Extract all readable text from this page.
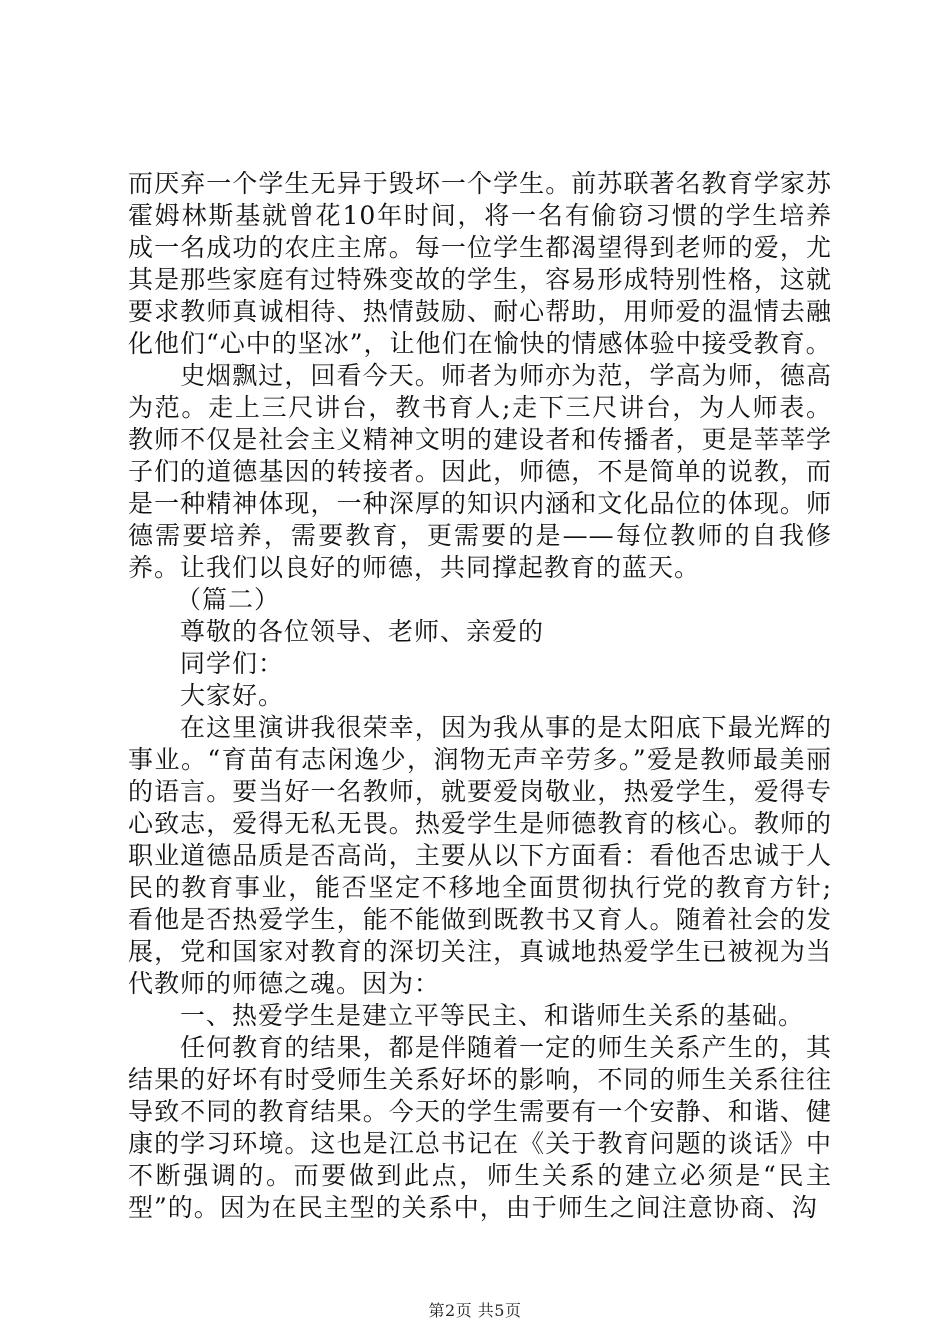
而厌弃一个学生无异于毁坏一个学生。前苏联著名教育学家苏霍姆林斯基就曾花10年时间，将一名有偷窃习惯的学生培养成一名成功的农庄主席。每一位学生都渴望得到老师的爱，尤其是那些家庭有过特殊变故的学生，容易形成特别性格，这就要求教师真诚相待、热情鼓励、耐心帮助，用师爱的温情去融化他们“心中的坚冰”，让他们在愉快的情感体验中接受教育。

史烟飘过，回看今天。师者为师亦为范，学高为师，德高为范。走上三尺讲台，教书育人;走下三尺讲台，为人师表。教师不仅是社会主义精神文明的建设者和传播者，更是莘莘学子们的道德基因的转接者。因此，师德，不是简单的说教，而是一种精神体现，一种深厚的知识内涵和文化品位的体现。师德需要培养，需要教育，更需要的是——每位教师的自我修养。让我们以良好的师德，共同撑起教育的蓝天。

（篇二）

尊敬的各位领导、老师、亲爱的

同学们：

大家好。

在这里演讲我很荣幸，因为我从事的是太阳底下最光辉的事业。“育苗有志闲逸少，润物无声辛劳多。”爱是教师最美丽的语言。要当好一名教师，就要爱岗敬业，热爱学生，爱得专心致志，爱得无私无畏。热爱学生是师德教育的核心。教师的职业道德品质是否高尚，主要从以下方面看：看他否忠诚于人民的教育事业，能否坚定不移地全面贯彻执行党的教育方针;看他是否热爱学生，能不能做到既教书又育人。随着社会的发展，党和国家对教育的深切关注，真诚地热爱学生已被视为当代教师的师德之魂。因为：

一、热爱学生是建立平等民主、和谐师生关系的基础。

任何教育的结果，都是伴随着一定的师生关系产生的，其结果的好坏有时受师生关系好坏的影响，不同的师生关系往往导致不同的教育结果。今天的学生需要有一个安静、和谐、健康的学习环境。这也是江总书记在《关于教育问题的谈话》中不断强调的。而要做到此点，师生关系的建立必须是“民主型”的。因为在民主型的关系中，由于师生之间注意协商、沟

第2页 共5页
